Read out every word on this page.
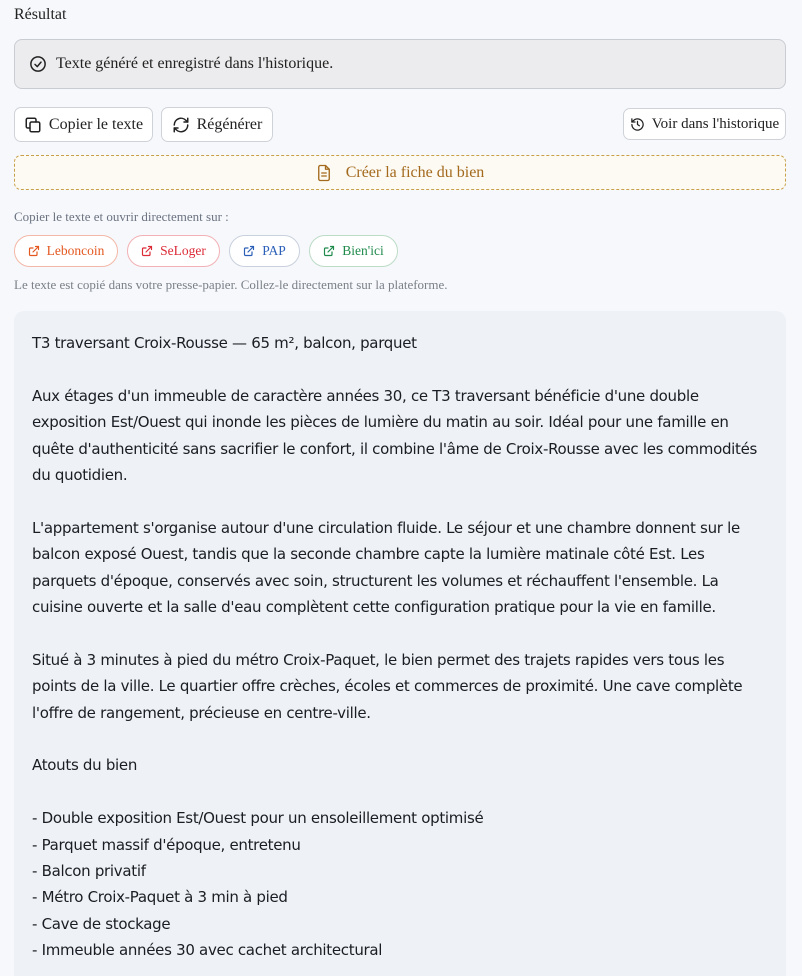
Résultat
Texte généré et enregistré dans l'historique.
Copier le texte	Régénérer	Voir dans l'historique
Créer la fiche du bien
Copier le texte et ouvrir directement sur :
Leboncoin	SeLoger	PAP	Bien'ici
Le texte est copié dans votre presse-papier. Collez-le directement sur la plateforme.

T3 traversant Croix-Rousse — 65 m², balcon, parquet

Aux étages d'un immeuble de caractère années 30, ce T3 traversant bénéficie d'une double exposition Est/Ouest qui inonde les pièces de lumière du matin au soir. Idéal pour une famille en quête d'authenticité sans sacrifier le confort, il combine l'âme de Croix-Rousse avec les commodités du quotidien.

L'appartement s'organise autour d'une circulation fluide. Le séjour et une chambre donnent sur le balcon exposé Ouest, tandis que la seconde chambre capte la lumière matinale côté Est. Les parquets d'époque, conservés avec soin, structurent les volumes et réchauffent l'ensemble. La cuisine ouverte et la salle d'eau complètent cette configuration pratique pour la vie en famille.

Situé à 3 minutes à pied du métro Croix-Paquet, le bien permet des trajets rapides vers tous les points de la ville. Le quartier offre crèches, écoles et commerces de proximité. Une cave complète l'offre de rangement, précieuse en centre-ville.

Atouts du bien

- Double exposition Est/Ouest pour un ensoleillement optimisé
- Parquet massif d'époque, entretenu
- Balcon privatif
- Métro Croix-Paquet à 3 min à pied
- Cave de stockage
- Immeuble années 30 avec cachet architectural
